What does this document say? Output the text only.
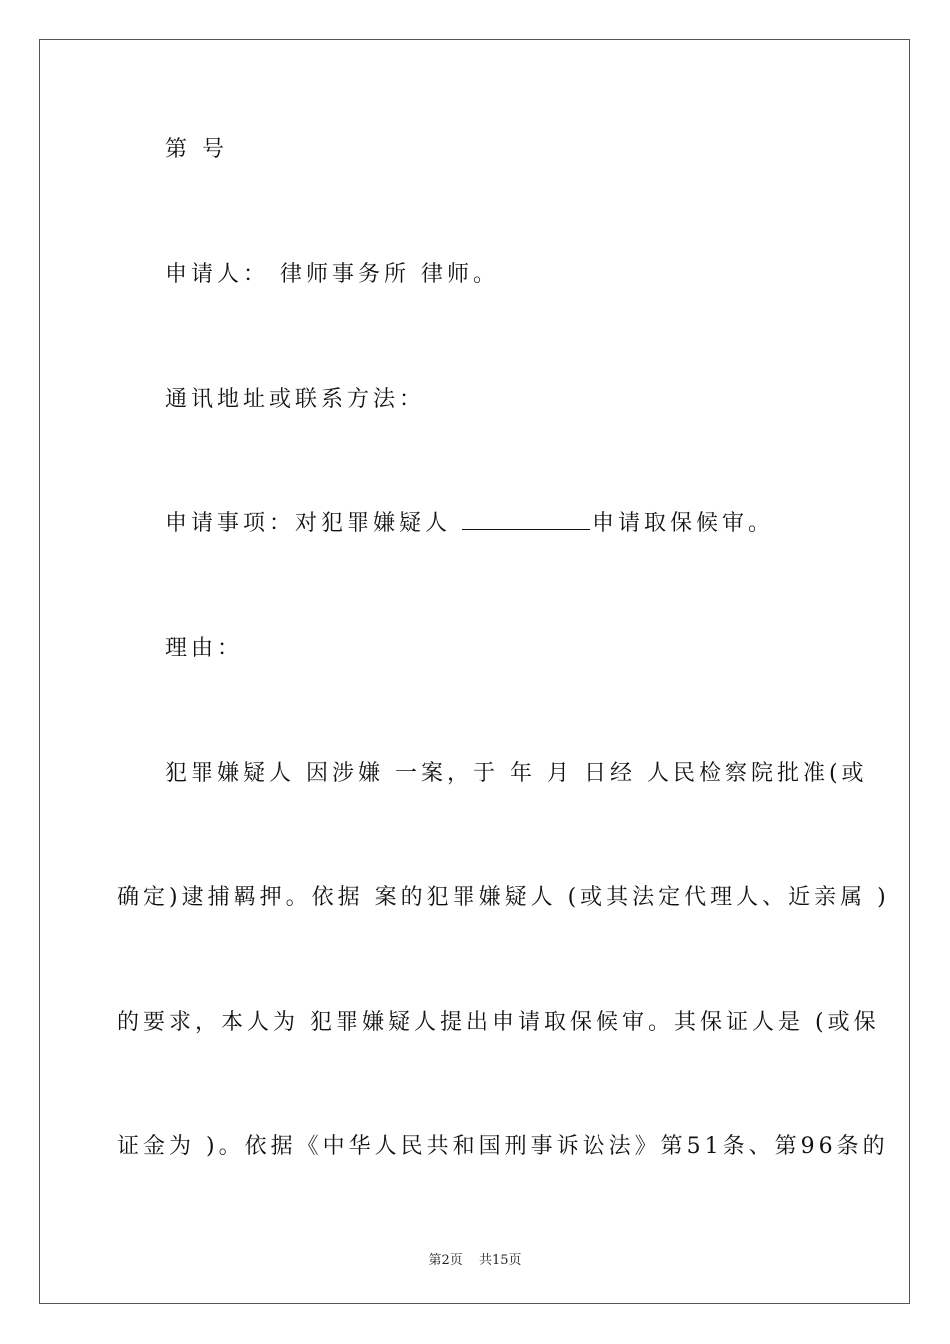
第 号
申请人： 律师事务所 律师。
通讯地址或联系方法：
申请事项：对犯罪嫌疑人	申请取保候审。
理由：
犯罪嫌疑人 因涉嫌 一案，于 年 月 日经 人民检察院批准(或
确定)逮捕羁押。依据 案的犯罪嫌疑人 (或其法定代理人、近亲属 )
的要求，本人为 犯罪嫌疑人提出申请取保候审。其保证人是 (或保
证金为 )。依据《中华人民共和国刑事诉讼法》第51条、第96条的
第2页 共15页
